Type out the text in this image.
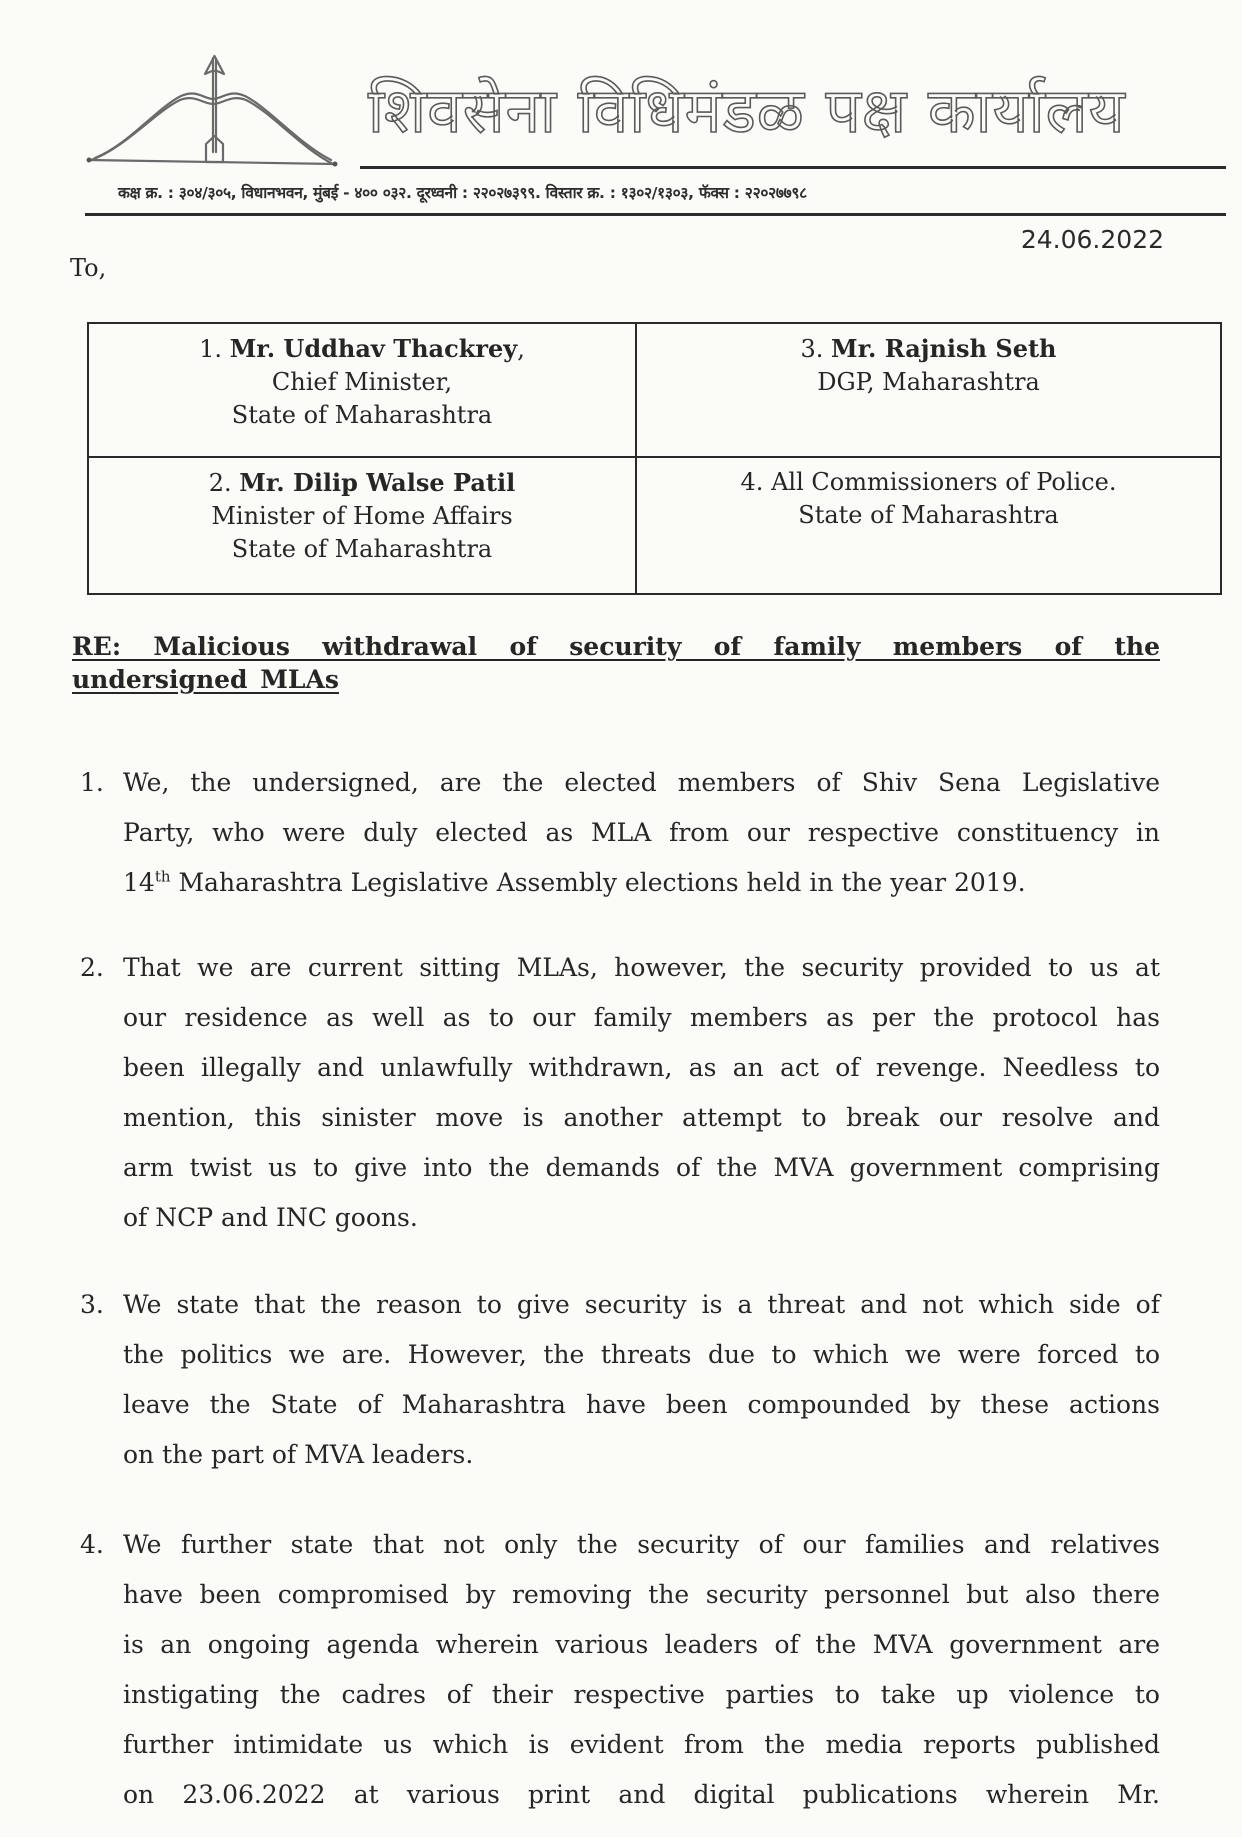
शिवसेना विधिमंडळ पक्ष कार्यालय
कक्ष क्र. : ३०४/३०५, विधानभवन, मुंबई - ४०० ०३२. दूरध्वनी : २२०२७३९९. विस्तार क्र. : १३०२/१३०३, फॅक्स : २२०२७७९८
24.06.2022
To,
1. Mr. Uddhav Thackrey,
Chief Minister,
State of Maharashtra
3. Mr. Rajnish Seth
DGP, Maharashtra
2. Mr. Dilip Walse Patil
Minister of Home Affairs
State of Maharashtra
4. All Commissioners of Police.
State of Maharashtra
RE: Malicious withdrawal of security of family members of the undersigned MLAs
1. We, the undersigned, are the elected members of Shiv Sena Legislative
Party, who were duly elected as MLA from our respective constituency in
14th Maharashtra Legislative Assembly elections held in the year 2019.
2. That we are current sitting MLAs, however, the security provided to us at
our residence as well as to our family members as per the protocol has
been illegally and unlawfully withdrawn, as an act of revenge. Needless to
mention, this sinister move is another attempt to break our resolve and
arm twist us to give into the demands of the MVA government comprising
of NCP and INC goons.
3. We state that the reason to give security is a threat and not which side of
the politics we are. However, the threats due to which we were forced to
leave the State of Maharashtra have been compounded by these actions
on the part of MVA leaders.
4. We further state that not only the security of our families and relatives
have been compromised by removing the security personnel but also there
is an ongoing agenda wherein various leaders of the MVA government are
instigating the cadres of their respective parties to take up violence to
further intimidate us which is evident from the media reports published
on 23.06.2022 at various print and digital publications wherein Mr.
